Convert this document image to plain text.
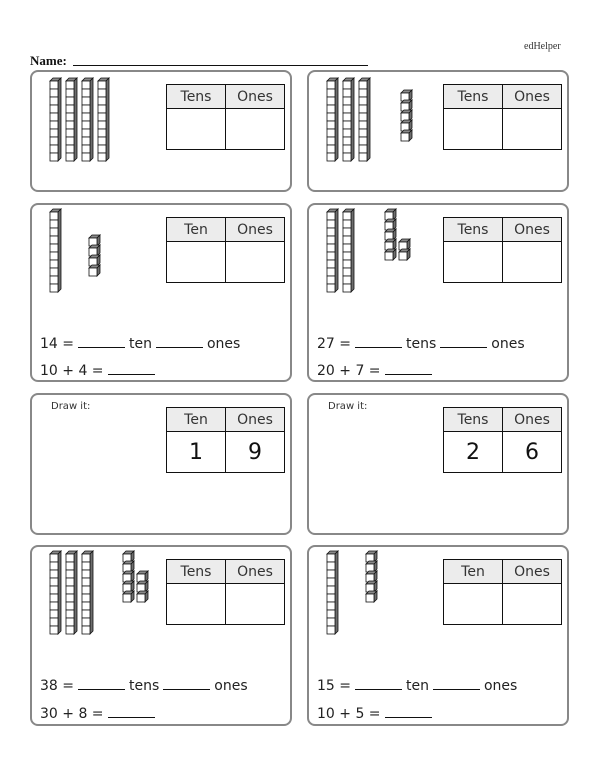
edHelper
Name:
Tens	Ones
		Tens	Ones

Ten	Ones

14 =	ten	ones
10 + 4 =
Tens	Ones

27 =	tens	ones
20 + 7 =
Draw it:
Ten	Ones
1	9
Draw it:
Tens	Ones
2	6
Tens	Ones

38 =	tens	ones
30 + 8 =
Ten	Ones

15 =	ten	ones
10 + 5 =
